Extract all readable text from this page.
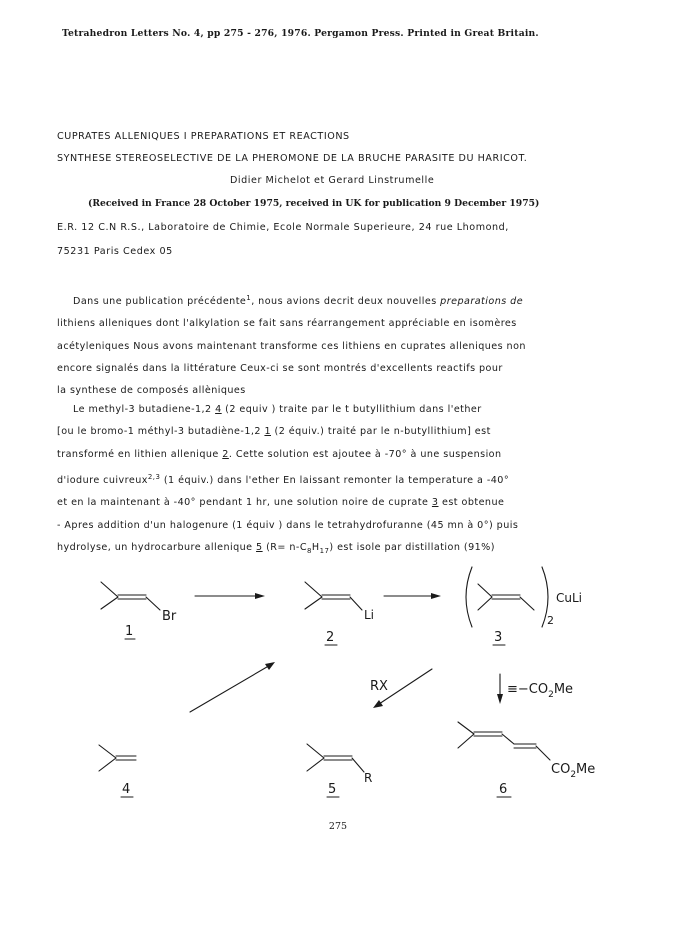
Tetrahedron Letters No. 4, pp 275 - 276, 1976. Pergamon Press. Printed in Great Britain.
CUPRATES ALLENIQUES I PREPARATIONS ET REACTIONS
SYNTHESE STEREOSELECTIVE DE LA PHEROMONE DE LA BRUCHE PARASITE DU HARICOT.
Didier Michelot et Gerard Linstrumelle
(Received in France 28 October 1975, received in UK for publication 9 December 1975)
E.R. 12 C.N R.S., Laboratoire de Chimie, Ecole Normale Superieure, 24 rue Lhomond,
75231 Paris Cedex 05

Dans une publication précédente$^1$, nous avions decrit deux nouvelles preparations de

lithiens alleniques dont l'alkylation se fait sans réarrangement appréciable en isomères

acétyleniques Nous avons maintenant transforme ces lithiens en cuprates alleniques non

encore signalés dans la littérature Ceux-ci se sont montrés d'excellents reactifs pour

la synthese de composés allèniques

Le methyl-3 butadiene-1,2 4 (2 equiv ) traite par le t butyllithium dans l'ether

[ou le bromo-1 méthyl-3 butadiène-1,2 1 (2 équiv.) traité par le n-butyllithium] est

transformé en lithien allenique 2. Cette solution est ajoutee à -70° à une suspension

d'iodure cuivreux$^{2,3}$ (1 équiv.) dans l'ether En laissant remonter la temperature a -40°

et en la maintenant à -40° pendant 1 hr, une solution noire de cuprate 3 est obtenue

- Apres addition d'un halogenure (1 équiv ) dans le tetrahydrofuranne (45 mn à 0°) puis

hydrolyse, un hydrocarbure allenique 5 $(R= n-C_8H_{17})$ est isole par distillation (91%)

Br
1
Li
2
CuLi
2
3
RX	$\equiv-CO_2Me$
4
R
5
$CO_2Me$
6
275
